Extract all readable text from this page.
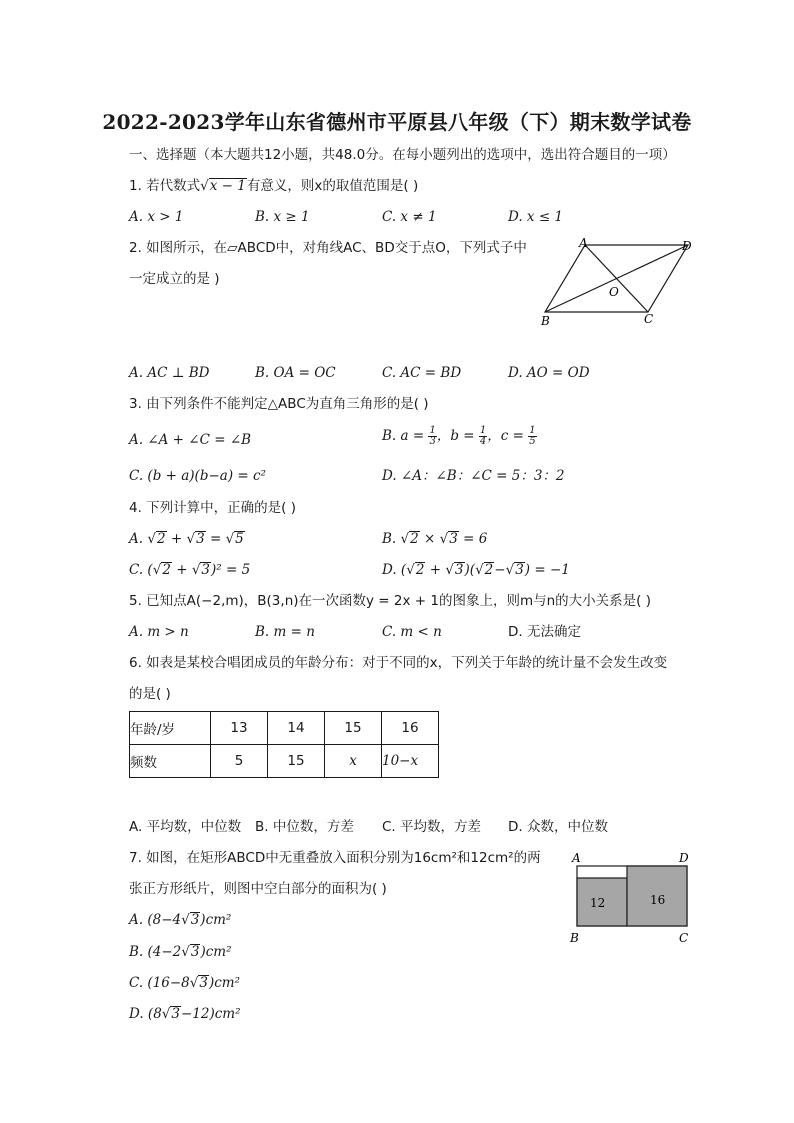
2022-2023学年山东省德州市平原县八年级（下）期末数学试卷
一、选择题（本大题共12小题，共48.0分。在每小题列出的选项中，选出符合题目的一项）
1. 若代数式√x − 1有意义，则x的取值范围是( )
A. x > 1	B. x ≥ 1	C. x ≠ 1	D. x ≤ 1
2. 如图所示，在▱ABCD中，对角线AC、BD交于点O，下列式子中
一定成立的是 )
A	D
O
B	C
A. AC ⊥ BD	B. OA = OC	C. AC = BD	D. AO = OD
3. 由下列条件不能判定△ABC为直角三角形的是( )
A. ∠A + ∠C = ∠B	B. $a = \frac{1}{3}$ ，$b = \frac{1}{4}$ ，$c = \frac{1}{5}$
C. (b + a)(b−a) = c²	D. ∠A：∠B：∠C = 5：3：2
4. 下列计算中，正确的是( )
A. √2 + √3 = √5	B. √2 × √3 = 6
C. (√2 + √3)² = 5	D. (√2 + √3)(√2−√3) = −1
5. 已知点A(−2,m)，B(3,n)在一次函数y = 2x + 1的图象上，则m与n的大小关系是( )
A. m > n	B. m = n	C. m < n	D. 无法确定
6. 如表是某校合唱团成员的年龄分布：对于不同的x，下列关于年龄的统计量不会发生改变
的是( )
年龄/岁	13	14	15	16
频数	5	15	x	10−x
A. 平均数，中位数 B. 中位数，方差 C. 平均数，方差 D. 众数，中位数
7. 如图，在矩形ABCD中无重叠放入面积分别为16cm²和12cm²的两
张正方形纸片，则图中空白部分的面积为( )
A	D
B	C
12	16
A. (8−4√3)cm²
B. (4−2√3)cm²
C. (16−8√3)cm²
D. (8√3−12)cm²
